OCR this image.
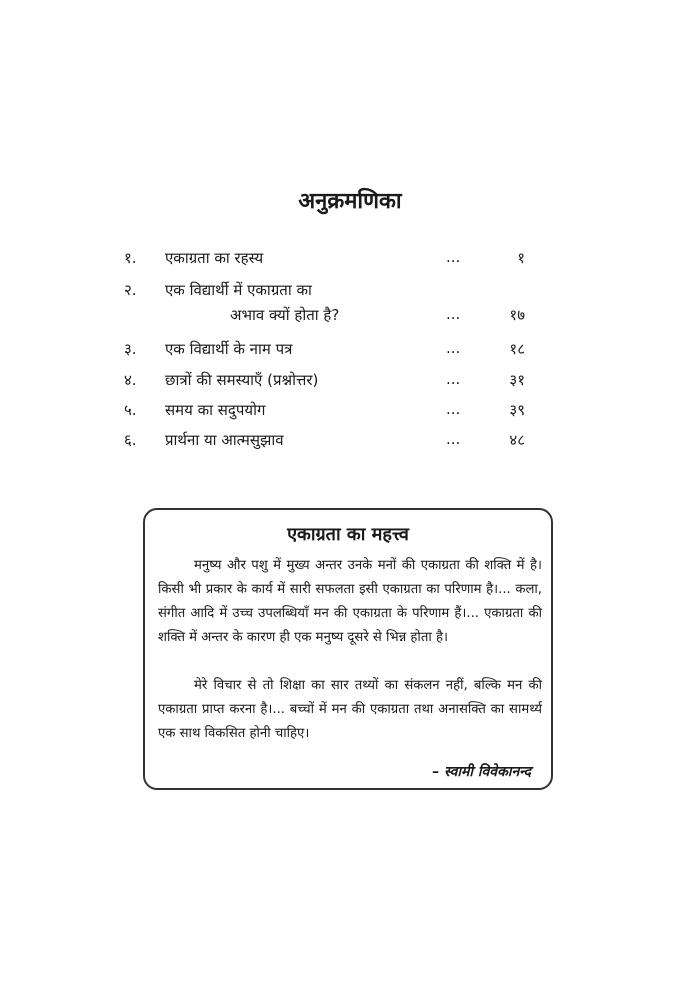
अनुक्रमणिका
१. एकाग्रता का रहस्य	...	१
२. एक विद्यार्थी में एकाग्रता का
अभाव क्यों होता है?	...	१७
३. एक विद्यार्थी के नाम पत्र	...	१८
४. छात्रों की समस्याएँ (प्रश्नोत्तर)	...	३१
५. समय का सदुपयोग	...	३९
६. प्रार्थना या आत्मसुझाव	...	४८
एकाग्रता का महत्त्व
मनुष्य और पशु में मुख्य अन्तर उनके मनों की एकाग्रता की शक्ति में है। किसी भी प्रकार के कार्य में सारी सफलता इसी एकाग्रता का परिणाम है।... कला, संगीत आदि में उच्च उपलब्धियाँ मन की एकाग्रता के परिणाम हैं।... एकाग्रता की शक्ति में अन्तर के कारण ही एक मनुष्य दूसरे से भिन्न होता है।
मेरे विचार से तो शिक्षा का सार तथ्यों का संकलन नहीं, बल्कि मन की एकाग्रता प्राप्त करना है।... बच्चों में मन की एकाग्रता तथा अनासक्ति का सामर्थ्य एक साथ विकसित होनी चाहिए।
– स्वामी विवेकानन्द
